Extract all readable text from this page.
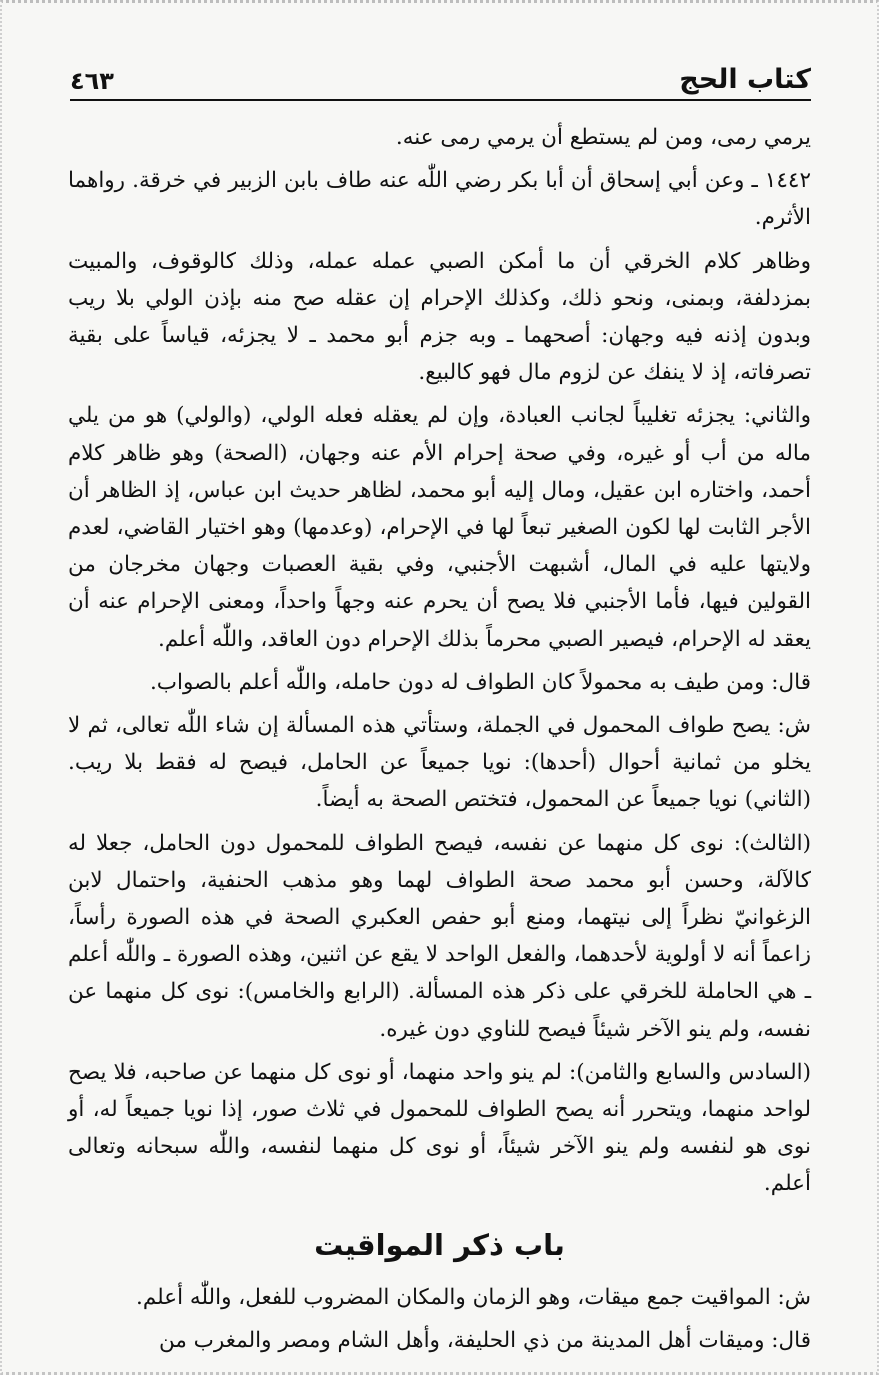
٤٦٣	كتاب الحج

يرمي رمى، ومن لم يستطع أن يرمي رمى عنه.

١٤٤٢ ـ وعن أبي إسحاق أن أبا بكر رضي اللّٰه عنه طاف بابن الزبير في خرقة. رواهما الأثرم.

وظاهر كلام الخرقي أن ما أمكن الصبي عمله عمله، وذلك كالوقوف، والمبيت بمزدلفة، وبمنى، ونحو ذلك، وكذلك الإحرام إن عقله صح منه بإذن الولي بلا ريب وبدون إذنه فيه وجهان: أصحهما ـ وبه جزم أبو محمد ـ لا يجزئه، قياساً على بقية تصرفاته، إذ لا ينفك عن لزوم مال فهو كالبيع.

والثاني: يجزئه تغليباً لجانب العبادة، وإن لم يعقله فعله الولي، (والولي) هو من يلي ماله من أب أو غيره، وفي صحة إحرام الأم عنه وجهان، (الصحة) وهو ظاهر كلام أحمد، واختاره ابن عقيل، ومال إليه أبو محمد، لظاهر حديث ابن عباس، إذ الظاهر أن الأجر الثابت لها لكون الصغير تبعاً لها في الإحرام، (وعدمها) وهو اختيار القاضي، لعدم ولايتها عليه في المال، أشبهت الأجنبي، وفي بقية العصبات وجهان مخرجان من القولين فيها، فأما الأجنبي فلا يصح أن يحرم عنه وجهاً واحداً، ومعنى الإحرام عنه أن يعقد له الإحرام، فيصير الصبي محرماً بذلك الإحرام دون العاقد، واللّٰه أعلم.

قال: ومن طيف به محمولاً كان الطواف له دون حامله، واللّٰه أعلم بالصواب.

ش: يصح طواف المحمول في الجملة، وستأتي هذه المسألة إن شاء اللّٰه تعالى، ثم لا يخلو من ثمانية أحوال (أحدها): نويا جميعاً عن الحامل، فيصح له فقط بلا ريب. (الثاني) نويا جميعاً عن المحمول، فتختص الصحة به أيضاً.

(الثالث): نوى كل منهما عن نفسه، فيصح الطواف للمحمول دون الحامل، جعلا له كالآلة، وحسن أبو محمد صحة الطواف لهما وهو مذهب الحنفية، واحتمال لابن الزغوانيّ نظراً إلى نيتهما، ومنع أبو حفص العكبري الصحة في هذه الصورة رأساً، زاعماً أنه لا أولوية لأحدهما، والفعل الواحد لا يقع عن اثنين، وهذه الصورة ـ واللّٰه أعلم ـ هي الحاملة للخرقي على ذكر هذه المسألة. (الرابع والخامس): نوى كل منهما عن نفسه، ولم ينو الآخر شيئاً فيصح للناوي دون غيره.

(السادس والسابع والثامن): لم ينو واحد منهما، أو نوى كل منهما عن صاحبه، فلا يصح لواحد منهما، ويتحرر أنه يصح الطواف للمحمول في ثلاث صور، إذا نويا جميعاً له، أو نوى هو لنفسه ولم ينو الآخر شيئاً، أو نوى كل منهما لنفسه، واللّٰه سبحانه وتعالى أعلم.

باب ذكر المواقيت

ش: المواقيت جمع ميقات، وهو الزمان والمكان المضروب للفعل، واللّٰه أعلم.

قال: وميقات أهل المدينة من ذي الحليفة، وأهل الشام ومصر والمغرب من
